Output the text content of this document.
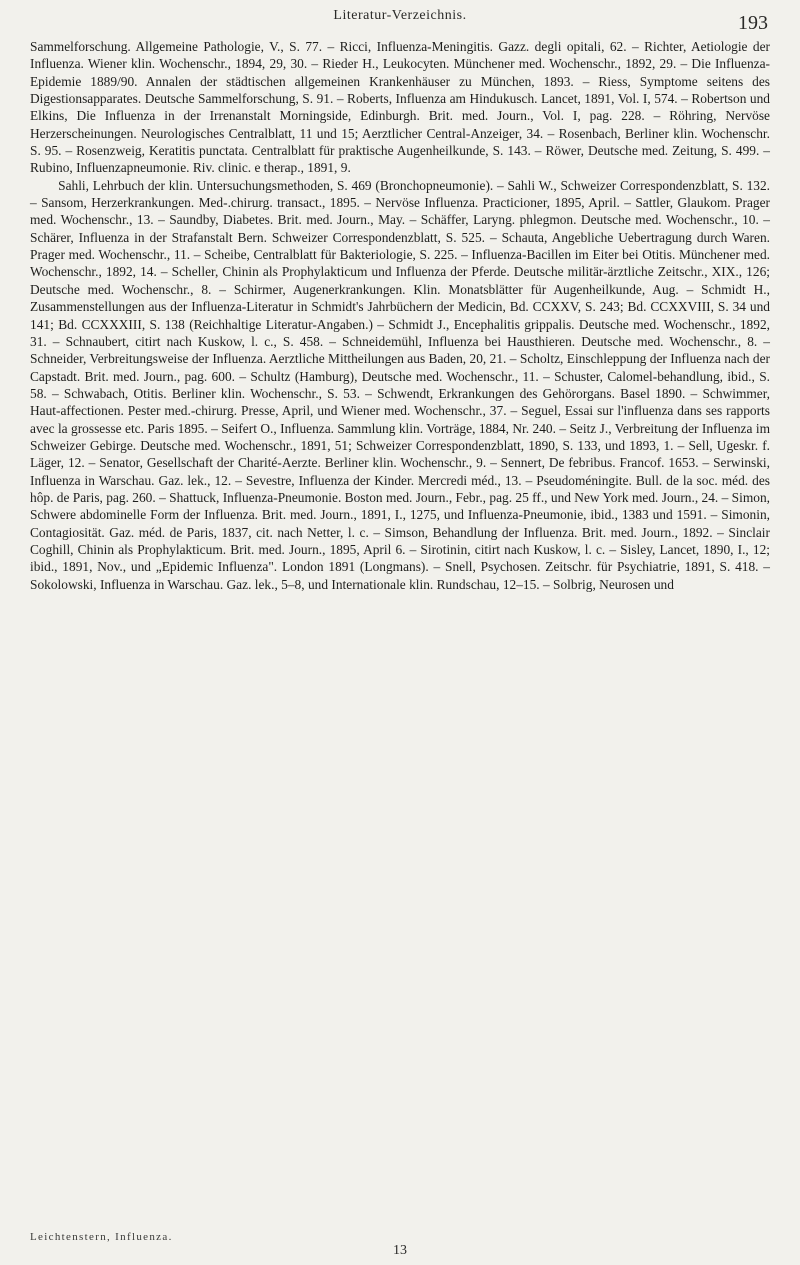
Literatur-Verzeichnis.	193

Sammelforschung. Allgemeine Pathologie, V., S. 77. – Ricci, Influenza-Meningitis. Gazz. degli opitali, 62. – Richter, Aetiologie der Influenza. Wiener klin. Wochenschr., 1894, 29, 30. – Rieder H., Leukocyten. Münchener med. Wochenschr., 1892, 29. – Die Influenza-Epidemie 1889/90. Annalen der städtischen allgemeinen Krankenhäuser zu München, 1893. – Riess, Symptome seitens des Digestionsapparates. Deutsche Sammelforschung, S. 91. – Roberts, Influenza am Hindukusch. Lancet, 1891, Vol. I, 574. – Robertson und Elkins, Die Influenza in der Irrenanstalt Morningside, Edinburgh. Brit. med. Journ., Vol. I, pag. 228. – Röhring, Nervöse Herzerscheinungen. Neurologisches Centralblatt, 11 und 15; Aerztlicher Central-Anzeiger, 34. – Rosenbach, Berliner klin. Wochenschr. S. 95. – Rosenzweig, Keratitis punctata. Centralblatt für praktische Augenheilkunde, S. 143. – Röwer, Deutsche med. Zeitung, S. 499. – Rubino, Influenzapneumonie. Riv. clinic. e therap., 1891, 9.

Sahli, Lehrbuch der klin. Untersuchungsmethoden, S. 469 (Bronchopneumonie). – Sahli W., Schweizer Correspondenzblatt, S. 132. – Sansom, Herzerkrankungen. Med-.chirurg. transact., 1895. – Nervöse Influenza. Practicioner, 1895, April. – Sattler, Glaukom. Prager med. Wochenschr., 13. – Saundby, Diabetes. Brit. med. Journ., May. – Schäffer, Laryng. phlegmon. Deutsche med. Wochenschr., 10. – Schärer, Influenza in der Strafanstalt Bern. Schweizer Correspondenzblatt, S. 525. – Schauta, Angebliche Uebertragung durch Waren. Prager med. Wochenschr., 11. – Scheibe, Centralblatt für Bakteriologie, S. 225. – Influenza-Bacillen im Eiter bei Otitis. Münchener med. Wochenschr., 1892, 14. – Scheller, Chinin als Prophylakticum und Influenza der Pferde. Deutsche militär-ärztliche Zeitschr., XIX., 126; Deutsche med. Wochenschr., 8. – Schirmer, Augenerkrankungen. Klin. Monatsblätter für Augenheilkunde, Aug. – Schmidt H., Zusammenstellungen aus der Influenza-Literatur in Schmidt's Jahrbüchern der Medicin, Bd. CCXXV, S. 243; Bd. CCXXVIII, S. 34 und 141; Bd. CCXXXIII, S. 138 (Reichhaltige Literatur-Angaben.) – Schmidt J., Encephalitis grippalis. Deutsche med. Wochenschr., 1892, 31. – Schnaubert, citirt nach Kuskow, l. c., S. 458. – Schneidemühl, Influenza bei Hausthieren. Deutsche med. Wochenschr., 8. – Schneider, Verbreitungsweise der Influenza. Aerztliche Mittheilungen aus Baden, 20, 21. – Scholtz, Einschleppung der Influenza nach der Capstadt. Brit. med. Journ., pag. 600. – Schultz (Hamburg), Deutsche med. Wochenschr., 11. – Schuster, Calomel-behandlung, ibid., S. 58. – Schwabach, Otitis. Berliner klin. Wochenschr., S. 53. – Schwendt, Erkrankungen des Gehörorgans. Basel 1890. – Schwimmer, Haut-affectionen. Pester med.-chirurg. Presse, April, und Wiener med. Wochenschr., 37. – Seguel, Essai sur l'influenza dans ses rapports avec la grossesse etc. Paris 1895. – Seifert O., Influenza. Sammlung klin. Vorträge, 1884, Nr. 240. – Seitz J., Verbreitung der Influenza im Schweizer Gebirge. Deutsche med. Wochenschr., 1891, 51; Schweizer Correspondenzblatt, 1890, S. 133, und 1893, 1. – Sell, Ugeskr. f. Läger, 12. – Senator, Gesellschaft der Charité-Aerzte. Berliner klin. Wochenschr., 9. – Sennert, De febribus. Francof. 1653. – Serwinski, Influenza in Warschau. Gaz. lek., 12. – Sevestre, Influenza der Kinder. Mercredi méd., 13. – Pseudoméningite. Bull. de la soc. méd. des hôp. de Paris, pag. 260. – Shattuck, Influenza-Pneumonie. Boston med. Journ., Febr., pag. 25 ff., und New York med. Journ., 24. – Simon, Schwere abdominelle Form der Influenza. Brit. med. Journ., 1891, I., 1275, und Influenza-Pneumonie, ibid., 1383 und 1591. – Simonin, Contagiosität. Gaz. méd. de Paris, 1837, cit. nach Netter, l. c. – Simson, Behandlung der Influenza. Brit. med. Journ., 1892. – Sinclair Coghill, Chinin als Prophylakticum. Brit. med. Journ., 1895, April 6. – Sirotinin, citirt nach Kuskow, l. c. – Sisley, Lancet, 1890, I., 12; ibid., 1891, Nov., und „Epidemic Influenza". London 1891 (Longmans). – Snell, Psychosen. Zeitschr. für Psychiatrie, 1891, S. 418. – Sokolowski, Influenza in Warschau. Gaz. lek., 5–8, und Internationale klin. Rundschau, 12–15. – Solbrig, Neurosen und

Leichtenstern, Influenza.
13
